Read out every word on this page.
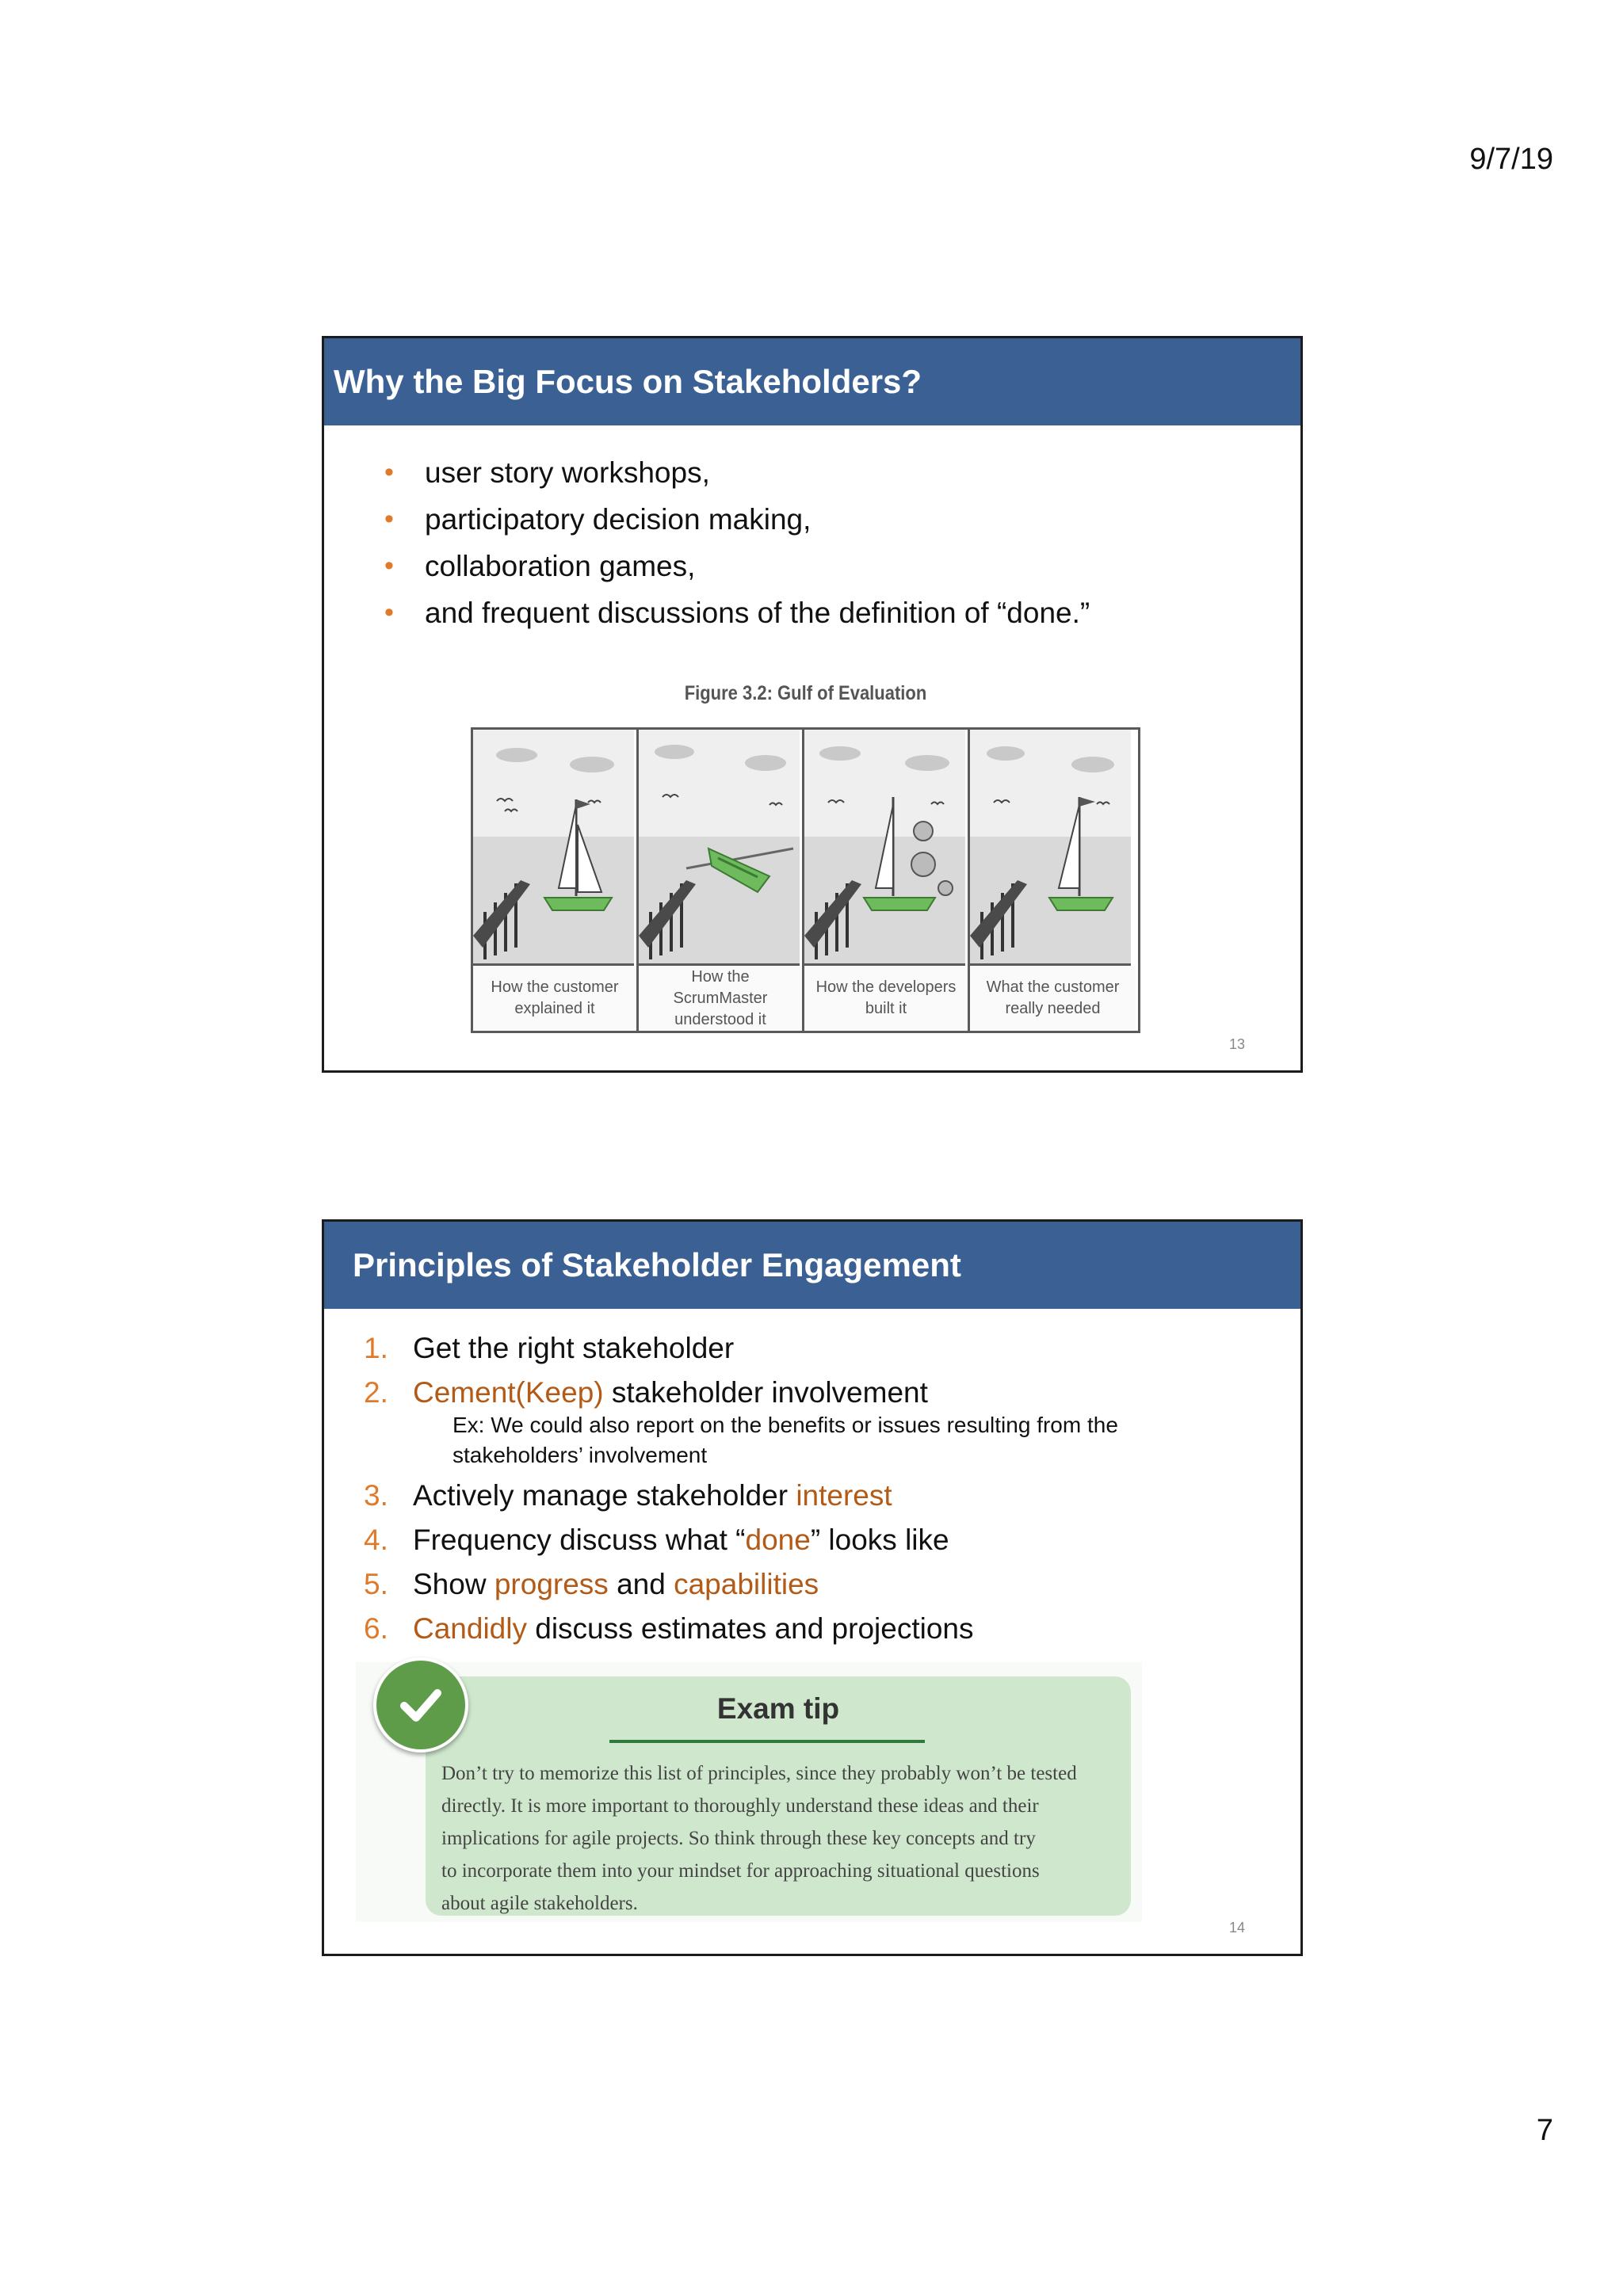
9/7/19
Why the Big Focus on Stakeholders?
• user story workshops,
• participatory decision making,
• collaboration games,
• and frequent discussions of the definition of “done.”
Figure 3.2: Gulf of Evaluation
How the customer
explained it
How the ScrumMaster
understood it
How the developers
built it
What the customer
really needed
13
Principles of Stakeholder Engagement
1. Get the right stakeholder
2. Cement(Keep) stakeholder involvement
Ex: We could also report on the benefits or issues resulting from the
stakeholders’ involvement
3. Actively manage stakeholder interest
4. Frequency discuss what “done” looks like
5. Show progress and capabilities
6. Candidly discuss estimates and projections
Exam tip
Don’t try to memorize this list of principles, since they probably won’t be tested
directly. It is more important to thoroughly understand these ideas and their
implications for agile projects. So think through these key concepts and try
to incorporate them into your mindset for approaching situational questions
about agile stakeholders.
14
7
